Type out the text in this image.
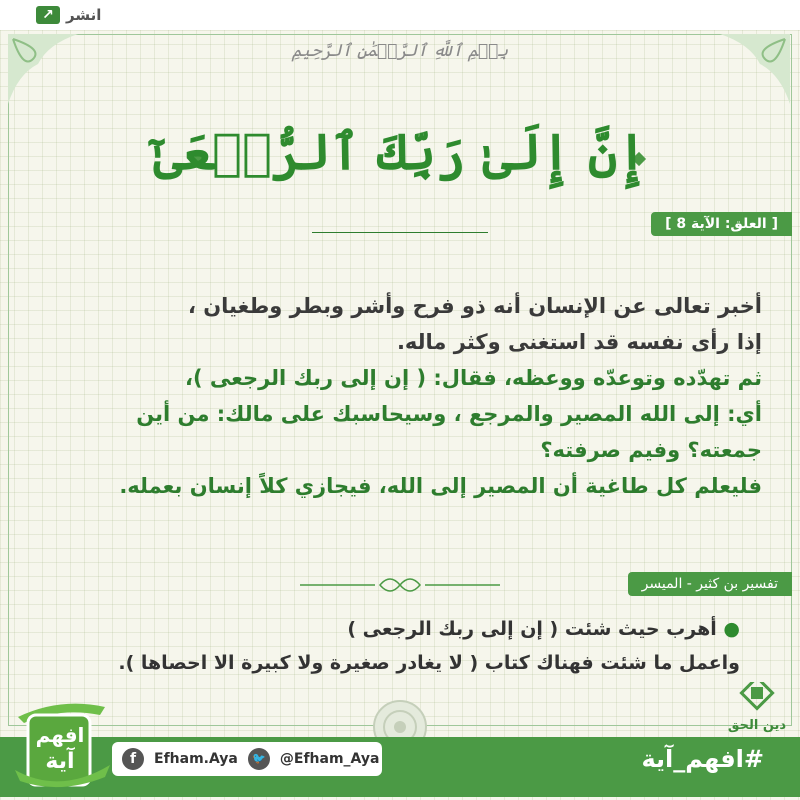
↗ انشر
بِسۡمِ ٱللَّهِ ٱلرَّحۡمَٰنِ ٱلرَّحِيمِ
إِنَّ إِلَىٰ رَبِّكَ ٱلرُّجۡعَىٰٓ
[ العلق: الآية 8 ]
أخبر تعالى عن الإنسان أنه ذو فرح وأشر وبطر وطغيان ،
إذا رأى نفسه قد استغنى وكثر ماله.
ثم تهدّده وتوعدّه ووعظه، فقال: ( إن إلى ربك الرجعى )،
أي: إلى الله المصير والمرجع ، وسيحاسبك على مالك: من أين
جمعته؟ وفيم صرفته؟
فليعلم كل طاغية أن المصير إلى الله، فيجازي كلاً إنسان بعمله.
تفسير بن كثير - الميسر
● أهرب حيث شئت ( إن إلى ربك الرجعى )
واعمل ما شئت فهناك كتاب ( لا يغادر صغيرة ولا كبيرة الا احصاها ).
دين الحق
f	Efham.Aya	🐦 @Efham_Aya	#افهم_آية
افهم
آية
